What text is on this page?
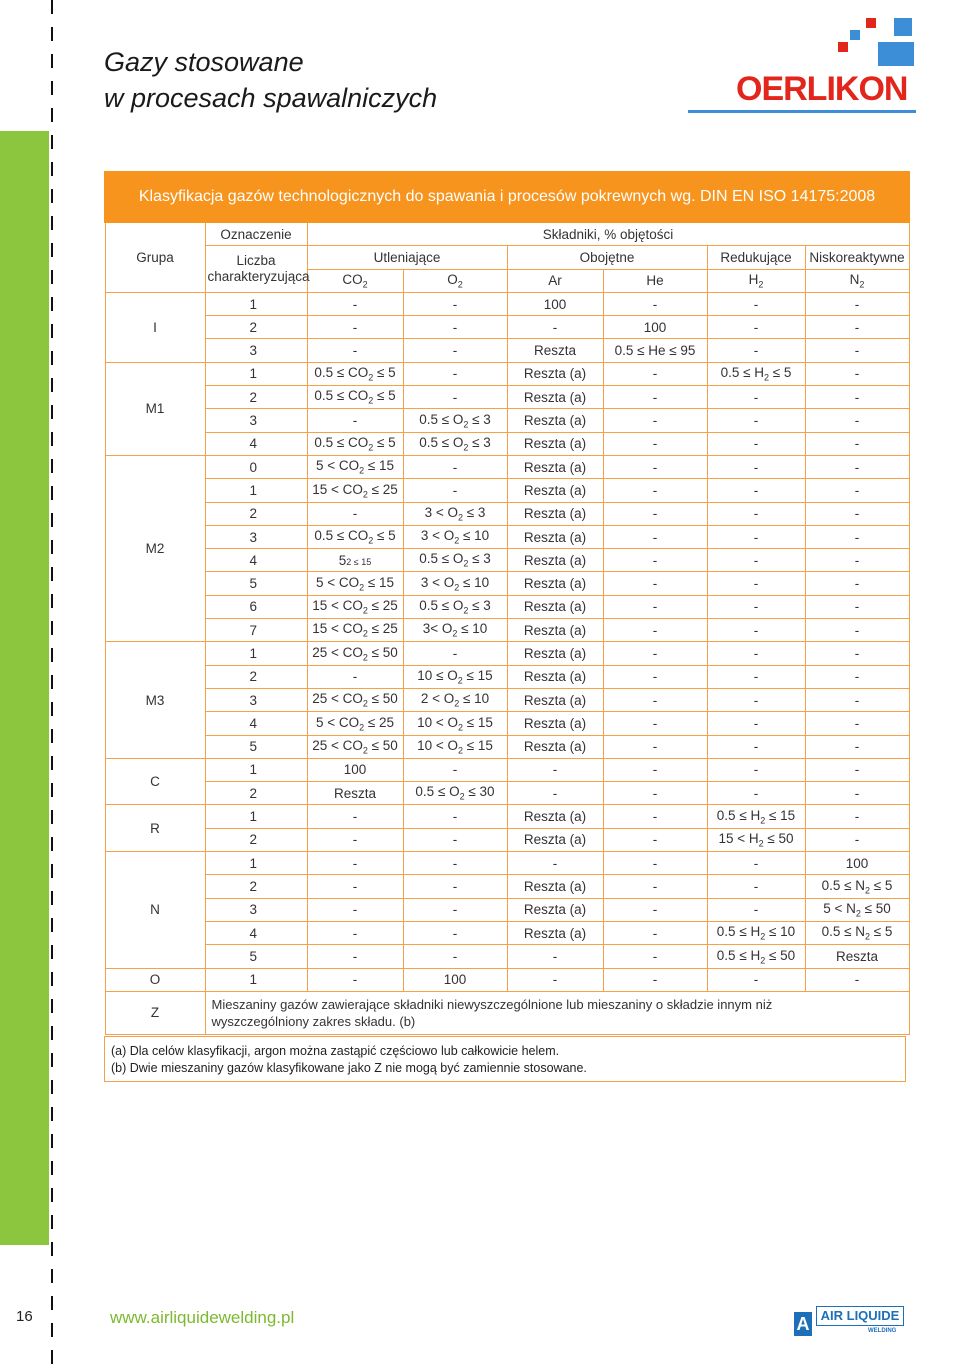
Gazy stosowane
w procesach spawalniczych	OERLIKON
Klasyfikacja gazów technologicznych do spawania i procesów pokrewnych wg. DIN EN ISO 14175:2008							
Grupa	Oznaczenie	Składniki, % objętości					

	Liczba
charakteryzująca	Utleniające		Obojętne		Redukujące	Niskoreaktywne
		$CO_2$	$O_2$	Ar	He	$H_2$	$N_2$
I	1	-	-	100	-	-	-
	2	-	-	-	100	-	-
	3	-	-	Reszta	0.5 ≤ He ≤ 95	-	-
M1	1	$0.5 \le CO_2 \le 5$	-	Reszta (a)	-	$0.5 \le H_2 \le 5$	-
	2	$0.5 \le CO_2 \le 5$	-	Reszta (a)	-	-	-
	3	-	$0.5 \le O_2 \le 3$	Reszta (a)	-	-	-
	4	$0.5 \le CO_2 \le 5$	$0.5 \le O_2 \le 3$	Reszta (a)	-	-	-
M2	0	$5 < CO_2 \le 15$	-	Reszta (a)	-	-	-
	1	$15 < CO_2 \le 25$	-	Reszta (a)	-	-	-
	2	-	$3 < O_2 \le 3$	Reszta (a)	-	-	-
	3	$0.5 \le CO_2 \le 5$	$3 < O_2 \le 10$	Reszta (a)	-	-	-
	4	52 ≤ 15	$0.5 \le O_2 \le 3$	Reszta (a)	-	-	-
	5	$5 < CO_2 \le 15$	$3 < O_2 \le 10$	Reszta (a)	-	-	-
	6	$15 < CO_2 \le 25$	$0.5 \le O_2 \le 3$	Reszta (a)	-	-	-
	7	$15 < CO_2 \le 25$	$3< O_2 \le 10$	Reszta (a)	-	-	-
M3	1	$25 < CO_2 \le 50$	-	Reszta (a)	-	-	-
	2	-	$10 \le O_2 \le 15$	Reszta (a)	-	-	-
	3	$25 < CO_2 \le 50$	$2 < O_2 \le 10$	Reszta (a)	-	-	-
	4	$5 < CO_2 \le 25$	$10 < O_2 \le 15$	Reszta (a)	-	-	-
	5	$25 < CO_2 \le 50$	$10 < O_2 \le 15$	Reszta (a)	-	-	-
C	1	100	-	-	-	-	-
	2	Reszta	$0.5 \le O_2 \le 30$	-	-	-	-
R	1	-	-	Reszta (a)	-	$0.5 \le H_2 \le 15$	-
	2	-	-	Reszta (a)	-	$15 < H_2 \le 50$	-
N	1	-	-	-	-	-	100
	2	-	-	Reszta (a)	-	-	$0.5 \le N_2 \le 5$
	3	-	-	Reszta (a)	-	-	$5 < N_2 \le 50$
	4	-	-	Reszta (a)	-	$0.5 \le H_2 \le 10$	$0.5 \le N_2 \le 5$
	5	-	-	-	-	$0.5 \le H_2 \le 50$	Reszta
O	1	-	100	-	-	-	-
Z	Mieszaniny gazów zawierające składniki niewyszczególnione lub mieszaniny o składzie innym niż wyszczególniony zakres składu. (b)						
(a) Dla celów klasyfikacji, argon można zastąpić częściowo lub całkowicie helem.
(b) Dwie mieszaniny gazów klasyfikowane jako Z nie mogą być zamiennie stosowane.
16	www.airliquidewelding.pl	A AIR LIQUIDE
WELDING
